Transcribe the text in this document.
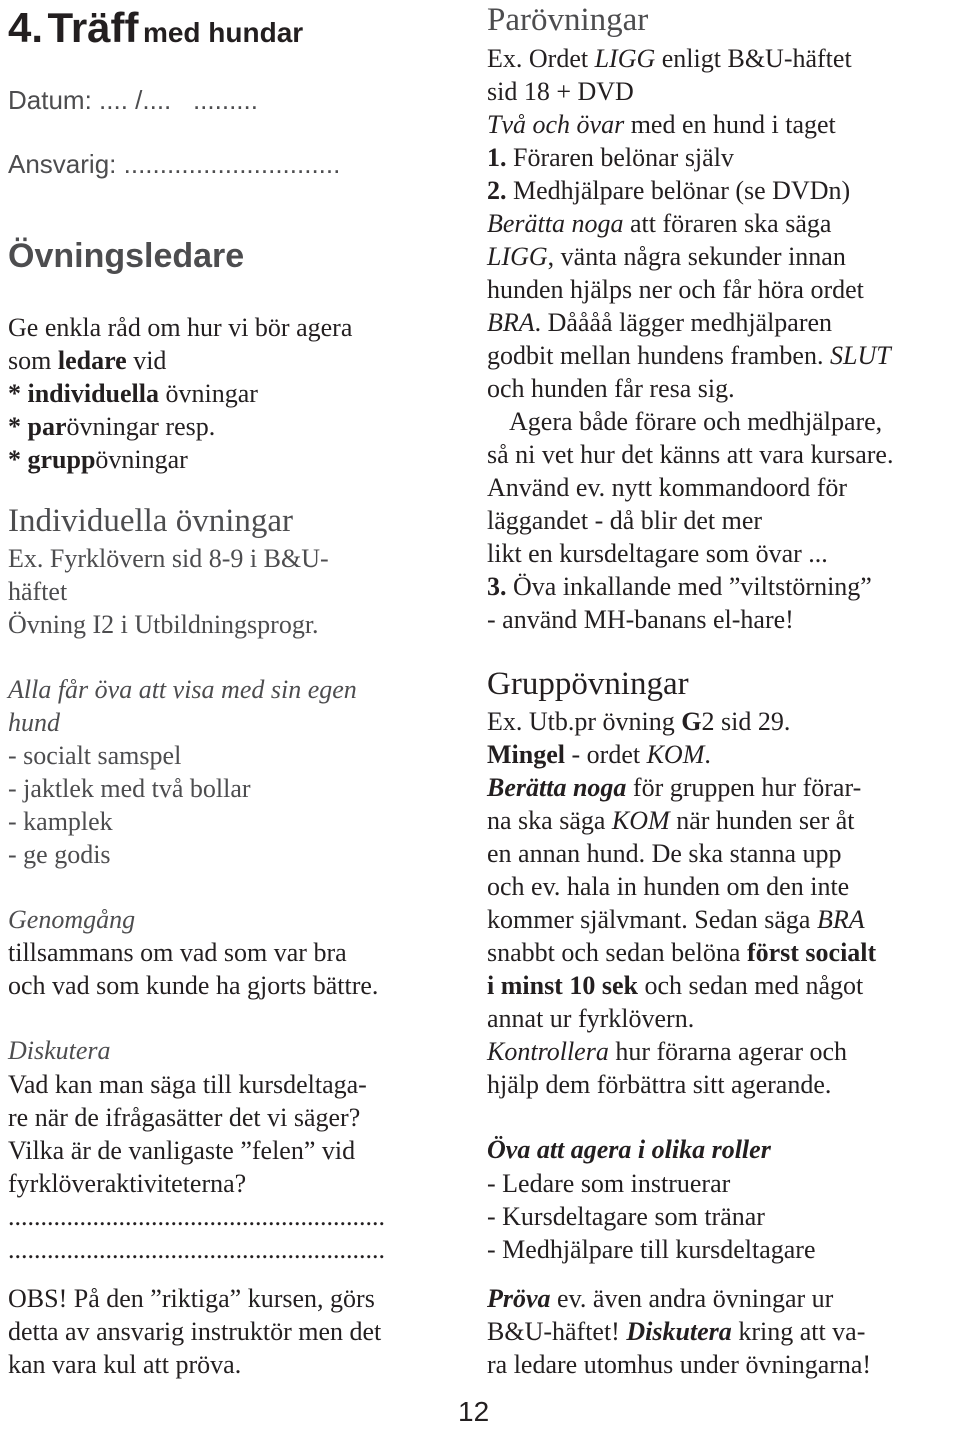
4. Träff med hundar
Datum: .... /....   .........
Ansvarig: ..............................
Övningsledare
Ge enkla råd om hur vi bör agera
som ledare vid
* individuella övningar
* parövningar resp.
* gruppövningar
Individuella övningar
Ex. Fyrklövern sid 8-9 i B&U-
häftet
Övning I2 i Utbildningsprogr.
Alla får öva att visa med sin egen
hund
- socialt samspel
- jaktlek med två bollar
- kamplek
- ge godis
Genomgång
tillsammans om vad som var bra
och vad som kunde ha gjorts bättre.
Diskutera
Vad kan man säga till kursdeltaga-
re när de ifrågasätter det vi säger?
Vilka är de vanligaste ”felen” vid
fyrklöveraktiviteterna?
..........................................................
..........................................................
OBS! På den ”riktiga” kursen, görs
detta av ansvarig instruktör men det
kan vara kul att pröva.
Parövningar
Ex. Ordet LIGG enligt B&U-häftet
sid 18 + DVD
Två och övar med en hund i taget
1. Föraren belönar själv
2. Medhjälpare belönar (se DVDn)
Berätta noga att föraren ska säga
LIGG, vänta några sekunder innan
hunden hjälps ner och får höra ordet
BRA. Dåååå lägger medhjälparen
godbit mellan hundens framben. SLUT
och hunden får resa sig.
Agera både förare och medhjälpare,
så ni vet hur det känns att vara kursare.
Använd ev. nytt kommandoord för
läggandet - då blir det mer
likt en kursdeltagare som övar ...
3. Öva inkallande med ”viltstörning”
- använd MH-banans el-hare!
Gruppövningar
Ex. Utb.pr övning G2 sid 29.
Mingel - ordet KOM.
Berätta noga för gruppen hur förar-
na ska säga KOM när hunden ser åt
en annan hund. De ska stanna upp
och ev. hala in hunden om den inte
kommer självmant. Sedan säga BRA
snabbt och sedan belöna först socialt
i minst 10 sek och sedan med något
annat ur fyrklövern.
Kontrollera hur förarna agerar och
hjälp dem förbättra sitt agerande.
Öva att agera i olika roller
- Ledare som instruerar
- Kursdeltagare som tränar
- Medhjälpare till kursdeltagare
Pröva ev. även andra övningar ur
B&U-häftet! Diskutera kring att va-
ra ledare utomhus under övningarna!
12
